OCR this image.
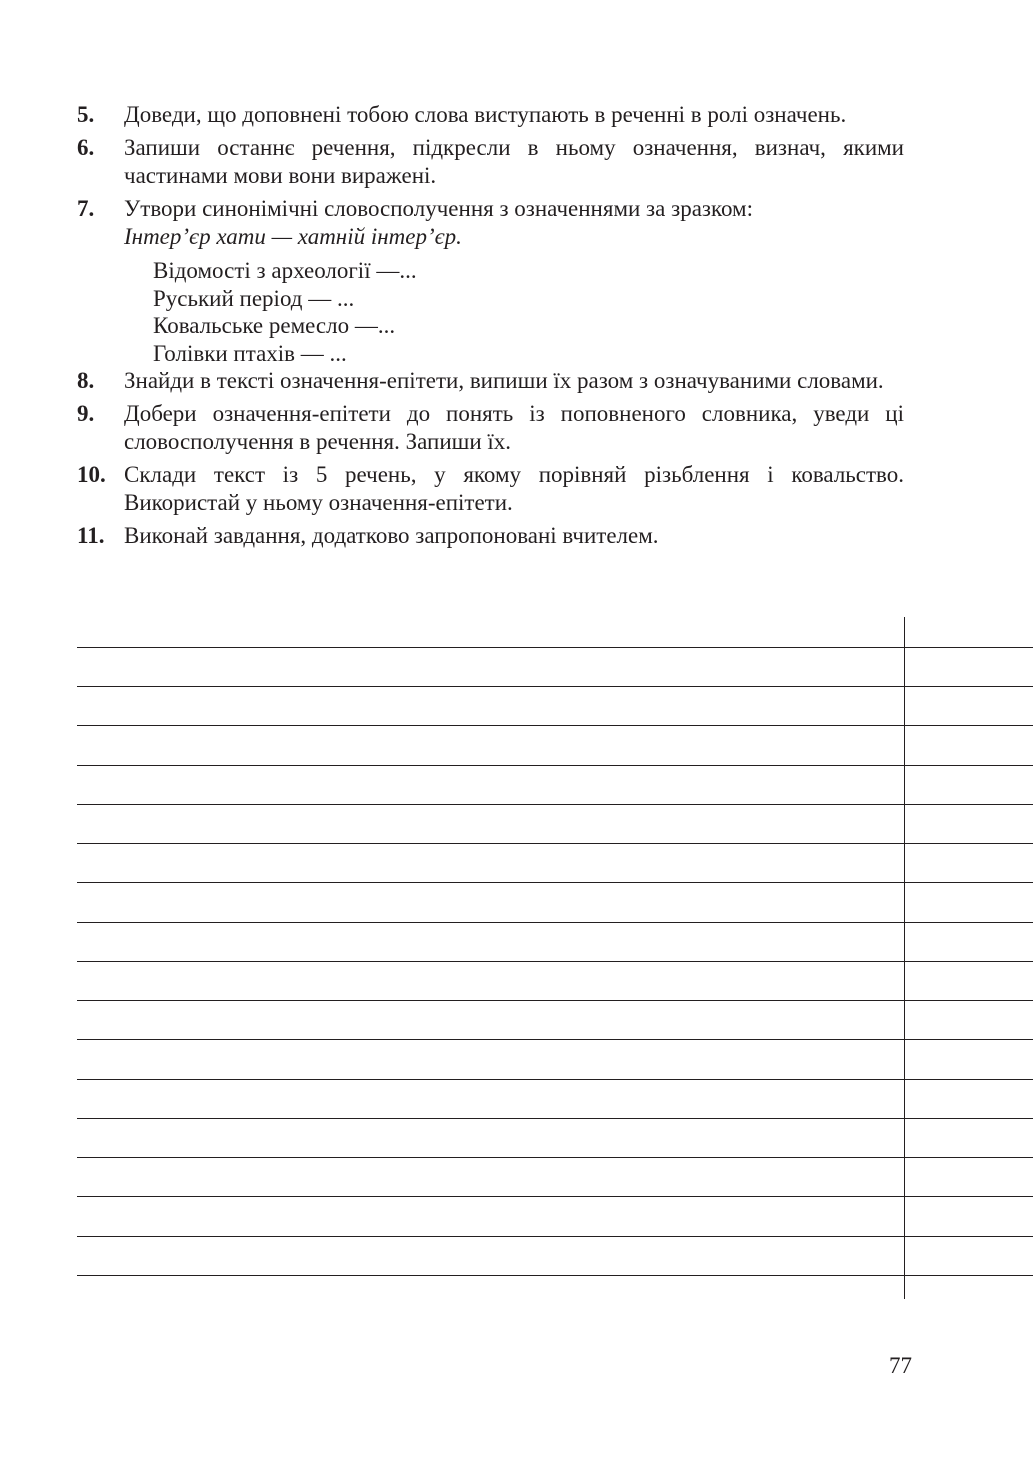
5. Доведи, що доповнені тобою слова виступають в реченні в ролі означень.
6. Запиши останнє речення, підкресли в ньому означення, визнач, якими частинами мови вони виражені.
7. Утвори синонімічні словосполучення з означеннями за зразком:
Інтер’єр хати — хатній інтер’єр.
Відомості з археології —...
Руський період — ...
Ковальське ремесло —...
Голівки птахів — ...
8. Знайди в тексті означення-епітети, випиши їх разом з означуваними словами.
9. Добери означення-епітети до понять із поповненого словника, уведи ці словосполучення в речення. Запиши їх.
10. Склади текст із 5 речень, у якому порівняй різьблення і ковальство. Використай у ньому означення-епітети.
11. Виконай завдання, додатково запропоновані вчителем.
77
